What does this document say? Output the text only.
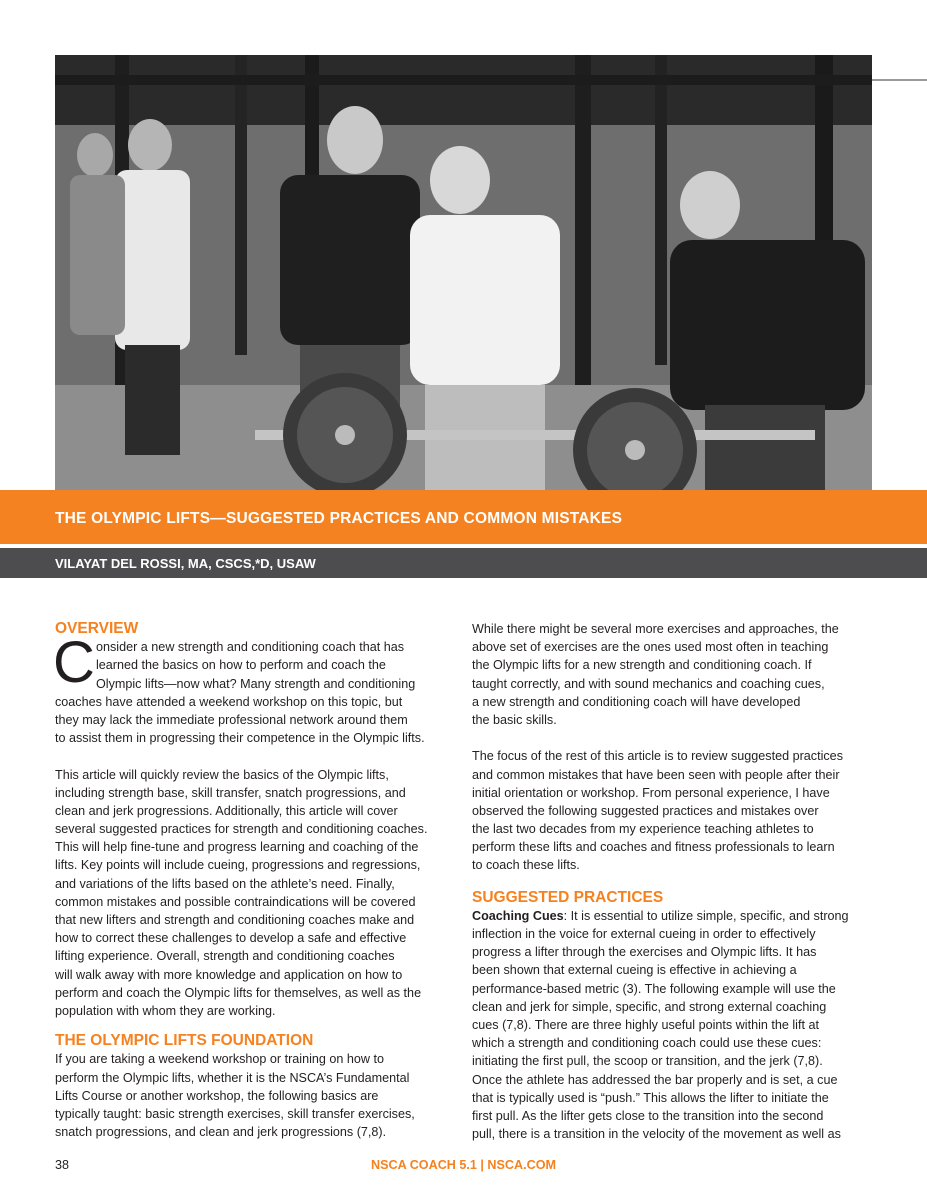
THE OLYMPIC LIFTS—SUGGESTED PRACTICES AND COMMON MISTAKES
VILAYAT DEL ROSSI, MA, CSCS,*D, USAW
OVERVIEW
C onsider a new strength and conditioning coach that has
learned the basics on how to perform and coach the
Olympic lifts—now what? Many strength and conditioning
coaches have attended a weekend workshop on this topic, but
they may lack the immediate professional network around them
to assist them in progressing their competence in the Olympic lifts.
This article will quickly review the basics of the Olympic lifts,
including strength base, skill transfer, snatch progressions, and
clean and jerk progressions. Additionally, this article will cover
several suggested practices for strength and conditioning coaches.
This will help fine-tune and progress learning and coaching of the
lifts. Key points will include cueing, progressions and regressions,
and variations of the lifts based on the athlete’s need. Finally,
common mistakes and possible contraindications will be covered
that new lifters and strength and conditioning coaches make and
how to correct these challenges to develop a safe and effective
lifting experience. Overall, strength and conditioning coaches
will walk away with more knowledge and application on how to
perform and coach the Olympic lifts for themselves, as well as the
population with whom they are working.
THE OLYMPIC LIFTS FOUNDATION
If you are taking a weekend workshop or training on how to
perform the Olympic lifts, whether it is the NSCA’s Fundamental
Lifts Course or another workshop, the following basics are
typically taught: basic strength exercises, skill transfer exercises,
snatch progressions, and clean and jerk progressions (7,8).
While there might be several more exercises and approaches, the
above set of exercises are the ones used most often in teaching
the Olympic lifts for a new strength and conditioning coach. If
taught correctly, and with sound mechanics and coaching cues,
a new strength and conditioning coach will have developed
the basic skills.
The focus of the rest of this article is to review suggested practices
and common mistakes that have been seen with people after their
initial orientation or workshop. From personal experience, I have
observed the following suggested practices and mistakes over
the last two decades from my experience teaching athletes to
perform these lifts and coaches and fitness professionals to learn
to coach these lifts.
SUGGESTED PRACTICES
Coaching Cues: It is essential to utilize simple, specific, and strong
inflection in the voice for external cueing in order to effectively
progress a lifter through the exercises and Olympic lifts. It has
been shown that external cueing is effective in achieving a
performance-based metric (3). The following example will use the
clean and jerk for simple, specific, and strong external coaching
cues (7,8). There are three highly useful points within the lift at
which a strength and conditioning coach could use these cues:
initiating the first pull, the scoop or transition, and the jerk (7,8).
Once the athlete has addressed the bar properly and is set, a cue
that is typically used is “push.” This allows the lifter to initiate the
first pull. As the lifter gets close to the transition into the second
pull, there is a transition in the velocity of the movement as well as
38	NSCA COACH 5.1 | NSCA.COM
